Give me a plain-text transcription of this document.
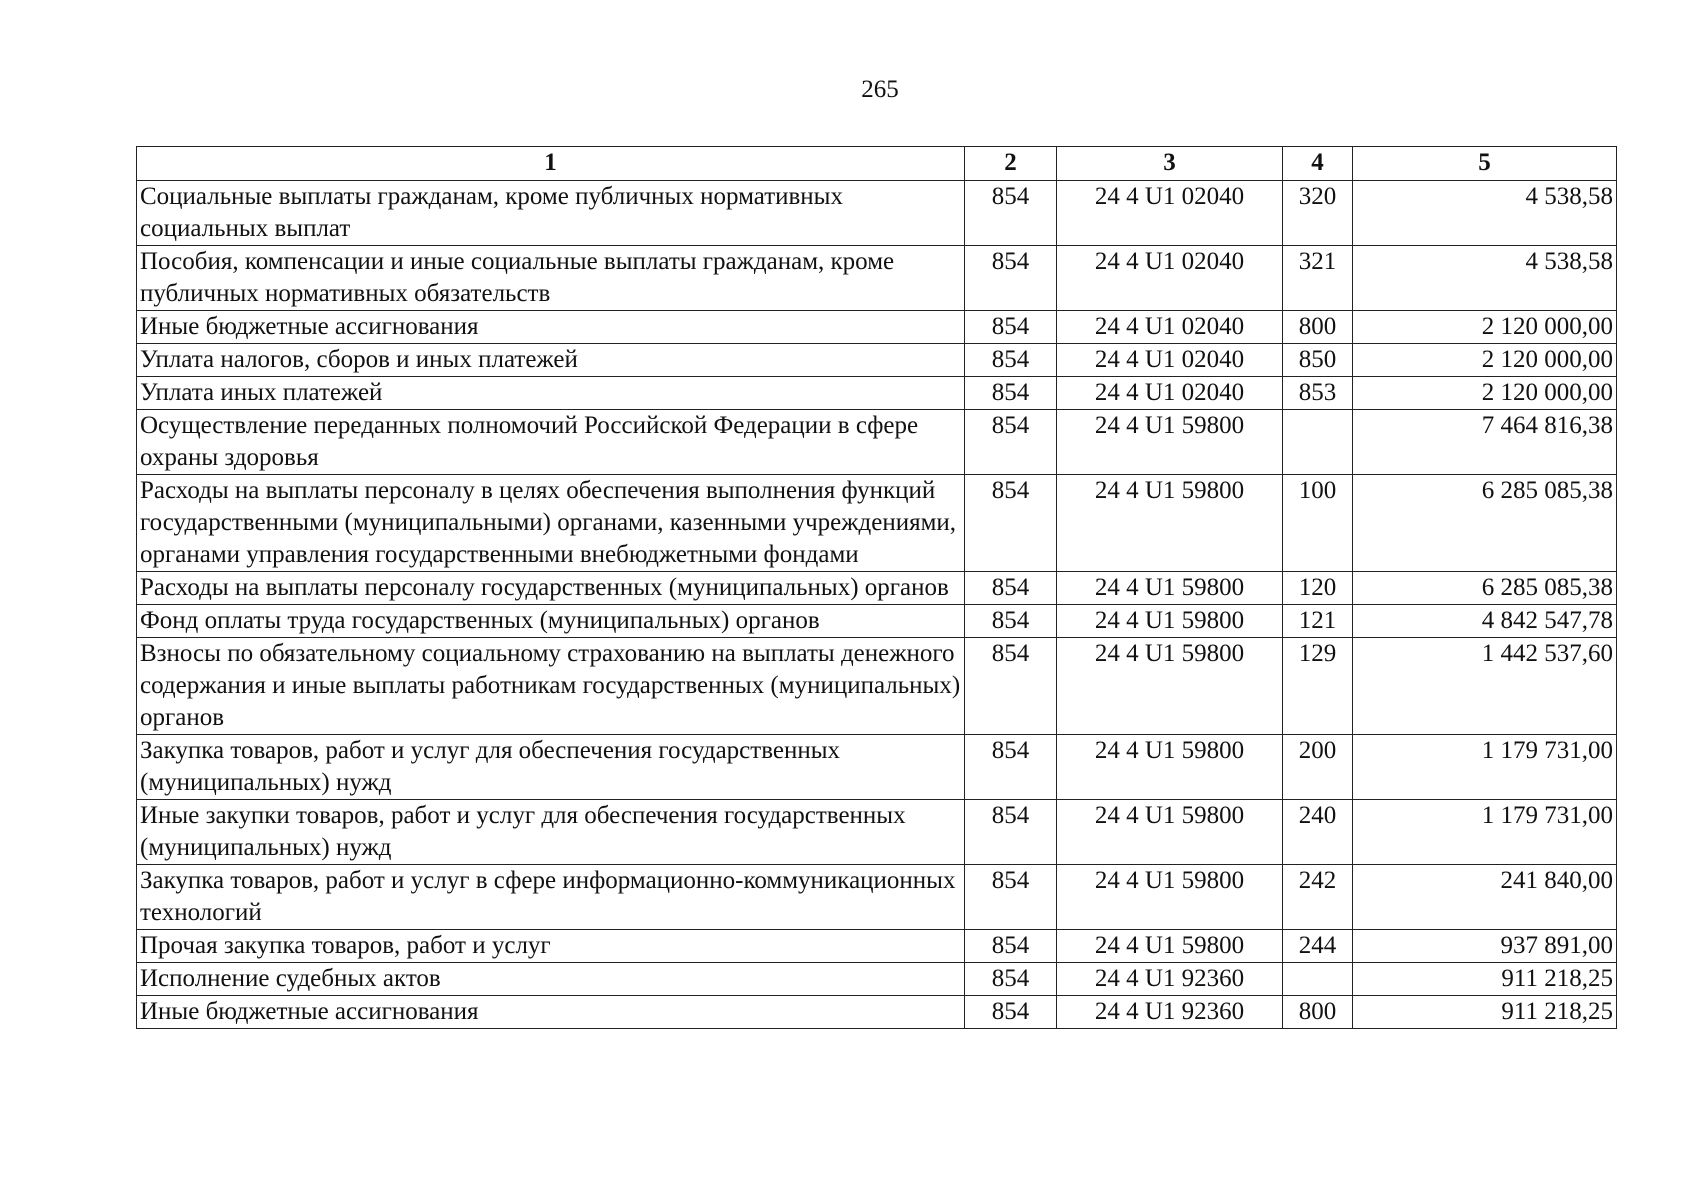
265
1	2	3	4	5
Социальные выплаты гражданам, кроме публичных нормативных социальных выплат	854	24 4 U1 02040	320	4 538,58
Пособия, компенсации и иные социальные выплаты гражданам, кроме публичных нормативных обязательств	854	24 4 U1 02040	321	4 538,58
Иные бюджетные ассигнования	854	24 4 U1 02040	800	2 120 000,00
Уплата налогов, сборов и иных платежей	854	24 4 U1 02040	850	2 120 000,00
Уплата иных платежей	854	24 4 U1 02040	853	2 120 000,00
Осуществление переданных полномочий Российской Федерации в сфере охраны здоровья	854	24 4 U1 59800		7 464 816,38
Расходы на выплаты персоналу в целях обеспечения выполнения функций государственными (муниципальными) органами, казенными учреждениями, органами управления государственными внебюджетными фондами	854	24 4 U1 59800	100	6 285 085,38
Расходы на выплаты персоналу государственных (муниципальных) органов	854	24 4 U1 59800	120	6 285 085,38
Фонд оплаты труда государственных (муниципальных) органов	854	24 4 U1 59800	121	4 842 547,78
Взносы по обязательному социальному страхованию на выплаты денежного содержания и иные выплаты работникам государственных (муниципальных) органов	854	24 4 U1 59800	129	1 442 537,60
Закупка товаров, работ и услуг для обеспечения государственных (муниципальных) нужд	854	24 4 U1 59800	200	1 179 731,00
Иные закупки товаров, работ и услуг для обеспечения государственных (муниципальных) нужд	854	24 4 U1 59800	240	1 179 731,00
Закупка товаров, работ и услуг в сфере информационно-коммуникационных технологий	854	24 4 U1 59800	242	241 840,00
Прочая закупка товаров, работ и услуг	854	24 4 U1 59800	244	937 891,00
Исполнение судебных актов	854	24 4 U1 92360		911 218,25
Иные бюджетные ассигнования	854	24 4 U1 92360	800	911 218,25
